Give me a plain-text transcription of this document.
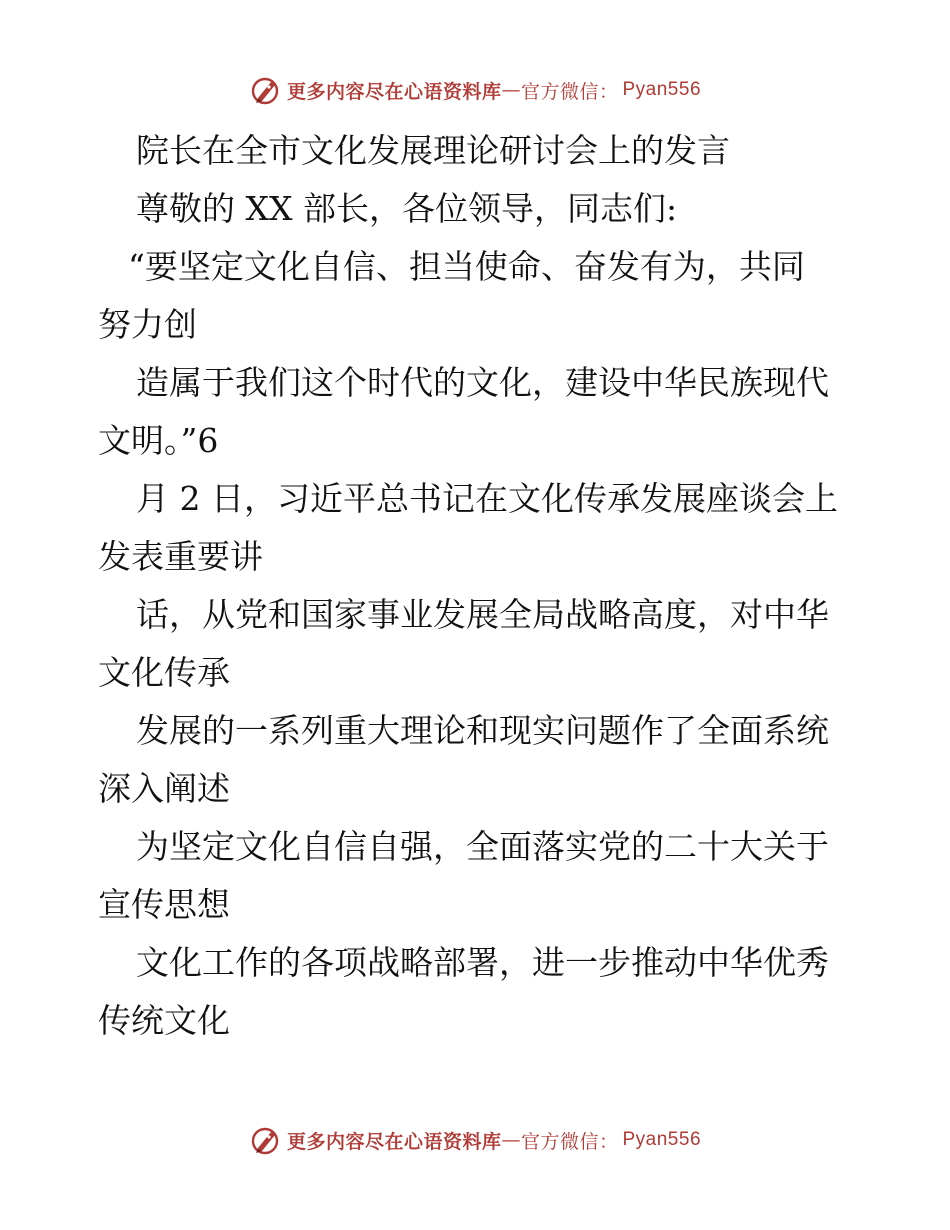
更多内容尽在心语资料库 — 官方微信： Pyan556
院长在全市文化发展理论研讨会上的发言
尊敬的 XX 部长，各位领导，同志们:
“要坚定文化自信、担当使命、奋发有为，共同
努力创
造属于我们这个时代的文化，建设中华民族现代
文明。”6
月 2 日，习近平总书记在文化传承发展座谈会上
发表重要讲
话，从党和国家事业发展全局战略高度，对中华
文化传承
发展的一系列重大理论和现实问题作了全面系统
深入阐述
为坚定文化自信自强，全面落实党的二十大关于
宣传思想
文化工作的各项战略部署，进一步推动中华优秀
传统文化
更多内容尽在心语资料库 — 官方微信： Pyan556
